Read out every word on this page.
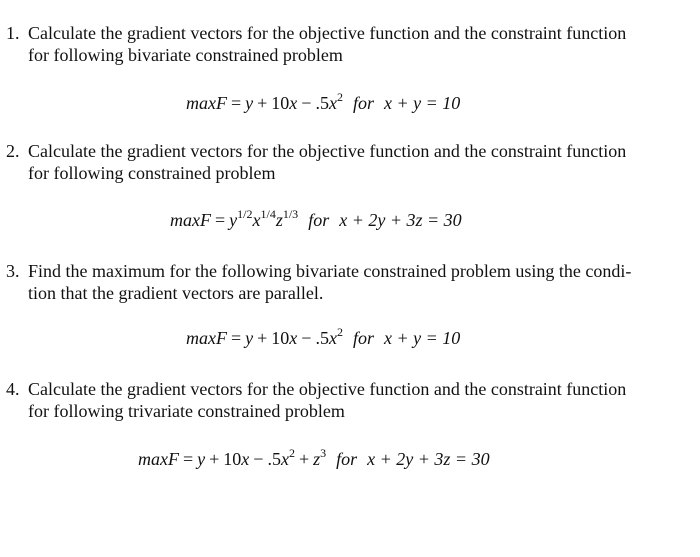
1. Calculate the gradient vectors for the objective function and the constraint function
for following bivariate constrained problem
$\max F = y + 10x - .5x^2$ for x + y = 10
2. Calculate the gradient vectors for the objective function and the constraint function
for following constrained problem
$\max F = y^{1/2}x^{1/4}z^{1/3}$ for x + 2y + 3z = 30
3. Find the maximum for the following bivariate constrained problem using the condi-
tion that the gradient vectors are parallel.
$\max F = y + 10x - .5x^2$ for x + y = 10
4. Calculate the gradient vectors for the objective function and the constraint function
for following trivariate constrained problem
$\max F = y + 10x - .5x^2 + z^3$ for x + 2y + 3z = 30
